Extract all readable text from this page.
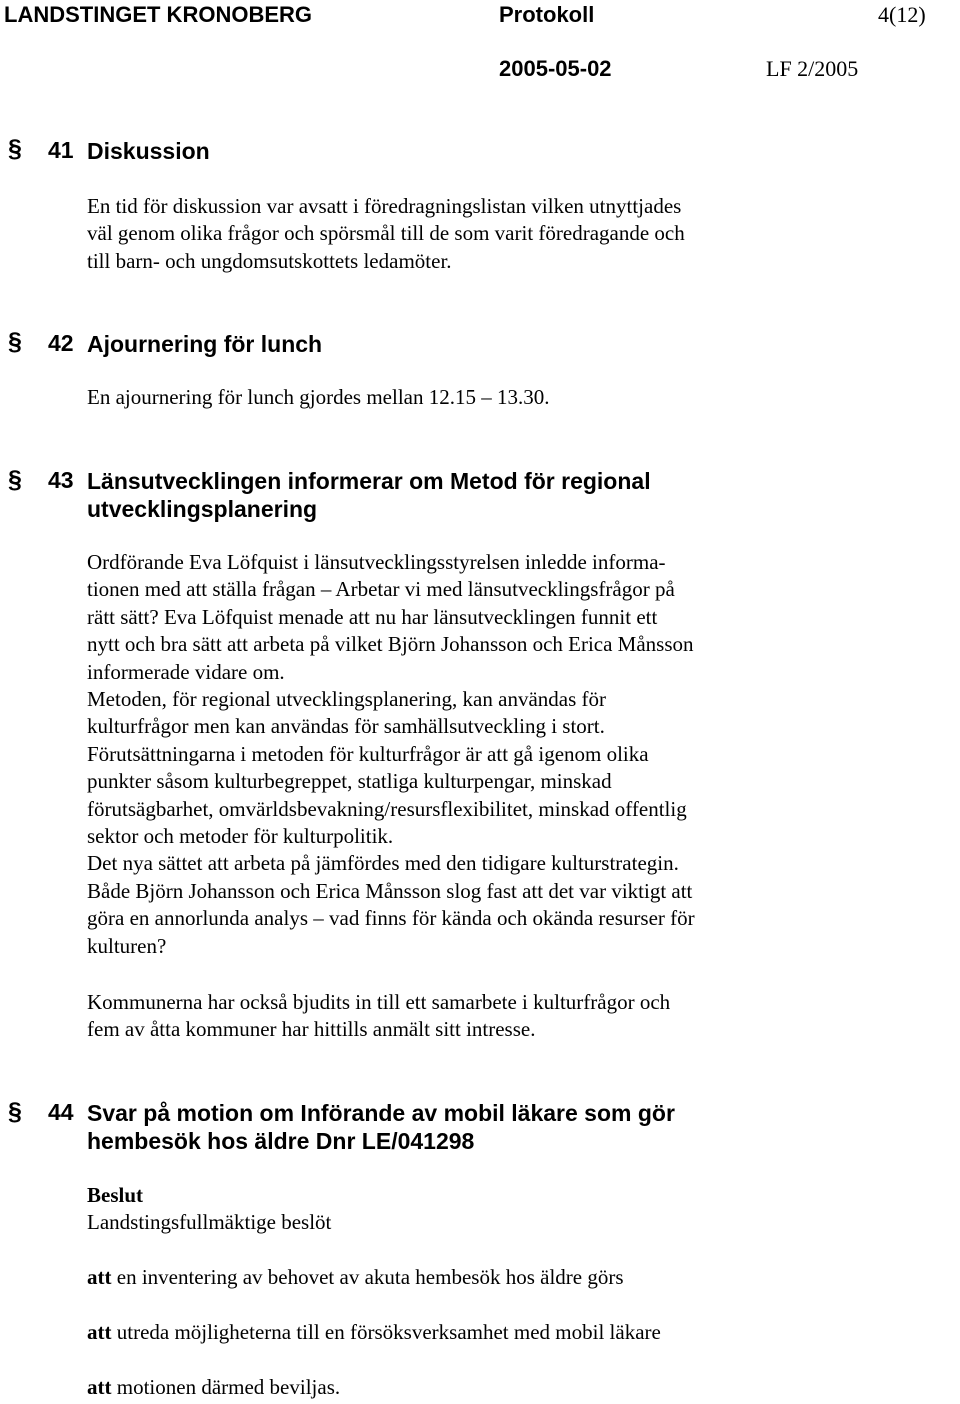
LANDSTINGET KRONOBERG	Protokoll	4(12)
2005-05-02	LF 2/2005
§	41 Diskussion
En tid för diskussion var avsatt i föredragningslistan vilken utnyttjades
väl genom olika frågor och spörsmål till de som varit föredragande och
till barn- och ungdomsutskottets ledamöter.
§	42 Ajournering för lunch
En ajournering för lunch gjordes mellan 12.15 – 13.30.
§	43 Länsutvecklingen informerar om Metod för regional
utvecklingsplanering
Ordförande Eva Löfquist i länsutvecklingsstyrelsen inledde informa-
tionen med att ställa frågan – Arbetar vi med länsutvecklingsfrågor på
rätt sätt? Eva Löfquist menade att nu har länsutvecklingen funnit ett
nytt och bra sätt att arbeta på vilket Björn Johansson och Erica Månsson
informerade vidare om.
Metoden, för regional utvecklingsplanering, kan användas för
kulturfrågor men kan användas för samhällsutveckling i stort.
Förutsättningarna i metoden för kulturfrågor är att gå igenom olika
punkter såsom kulturbegreppet, statliga kulturpengar, minskad
förutsägbarhet, omvärldsbevakning/resursflexibilitet, minskad offentlig
sektor och metoder för kulturpolitik.
Det nya sättet att arbeta på jämfördes med den tidigare kulturstrategin.
Både Björn Johansson och Erica Månsson slog fast att det var viktigt att
göra en annorlunda analys – vad finns för kända och okända resurser för
kulturen?
Kommunerna har också bjudits in till ett samarbete i kulturfrågor och
fem av åtta kommuner har hittills anmält sitt intresse.
§	44 Svar på motion om Införande av mobil läkare som gör
hembesök hos äldre Dnr LE/041298
Beslut
Landstingsfullmäktige beslöt
att en inventering av behovet av akuta hembesök hos äldre görs
att utreda möjligheterna till en försöksverksamhet med mobil läkare
att motionen därmed beviljas.
